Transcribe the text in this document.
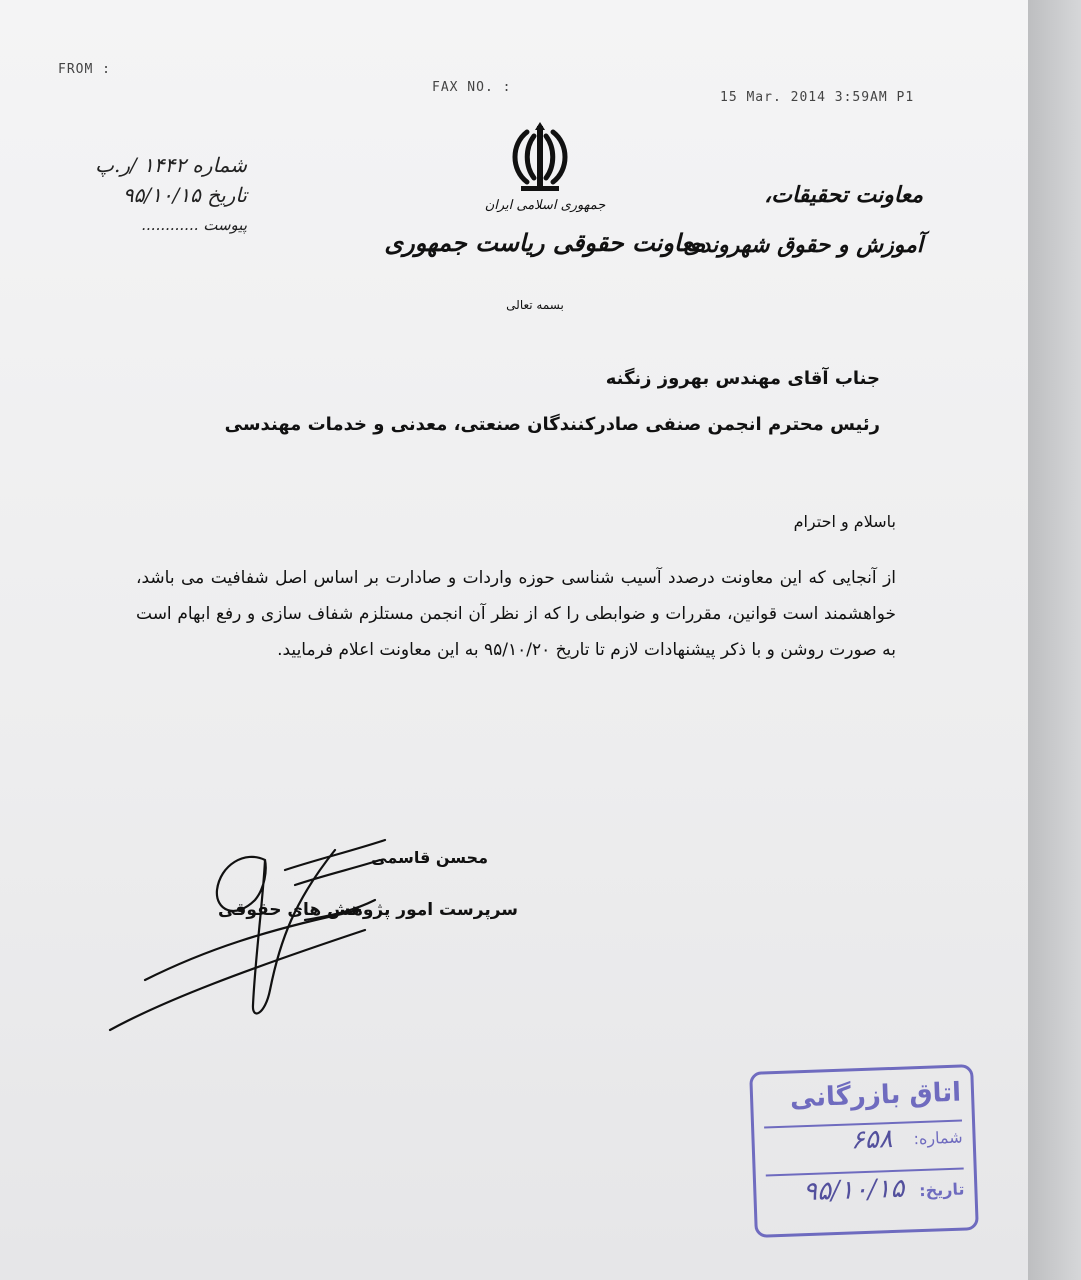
FROM :
FAX NO. :
15 Mar. 2014 3:59AM P1
شماره ۱۴۴۲ /ر.پ
تاریخ ۹۵/۱۰/۱۵
پیوست ............
جمهوری اسلامی ایران
معاونت حقوقی ریاست جمهوری
معاونت تحقیقات،
آموزش و حقوق شهروندی
بسمه تعالی
جناب آقای مهندس بهروز زنگنه
رئیس محترم انجمن صنفی صادرکنندگان صنعتی، معدنی و خدمات مهندسی
باسلام و احترام
از آنجایی که این معاونت درصدد آسیب شناسی حوزه واردات و صادارت بر اساس اصل شفافیت می باشد، خواهشمند است قوانین، مقررات و ضوابطی را که از نظر آن انجمن مستلزم شفاف سازی و رفع ابهام است به صورت روشن و با ذکر پیشنهادات لازم تا تاریخ ۹۵/۱۰/۲۰ به این معاونت اعلام فرمایید.
محسن قاسمی
سرپرست امور پژوهش های حقوقی
اتاق بازرگانی
شماره:
۶۵۸
تاریخ:
۹۵/۱۰/۱۵
